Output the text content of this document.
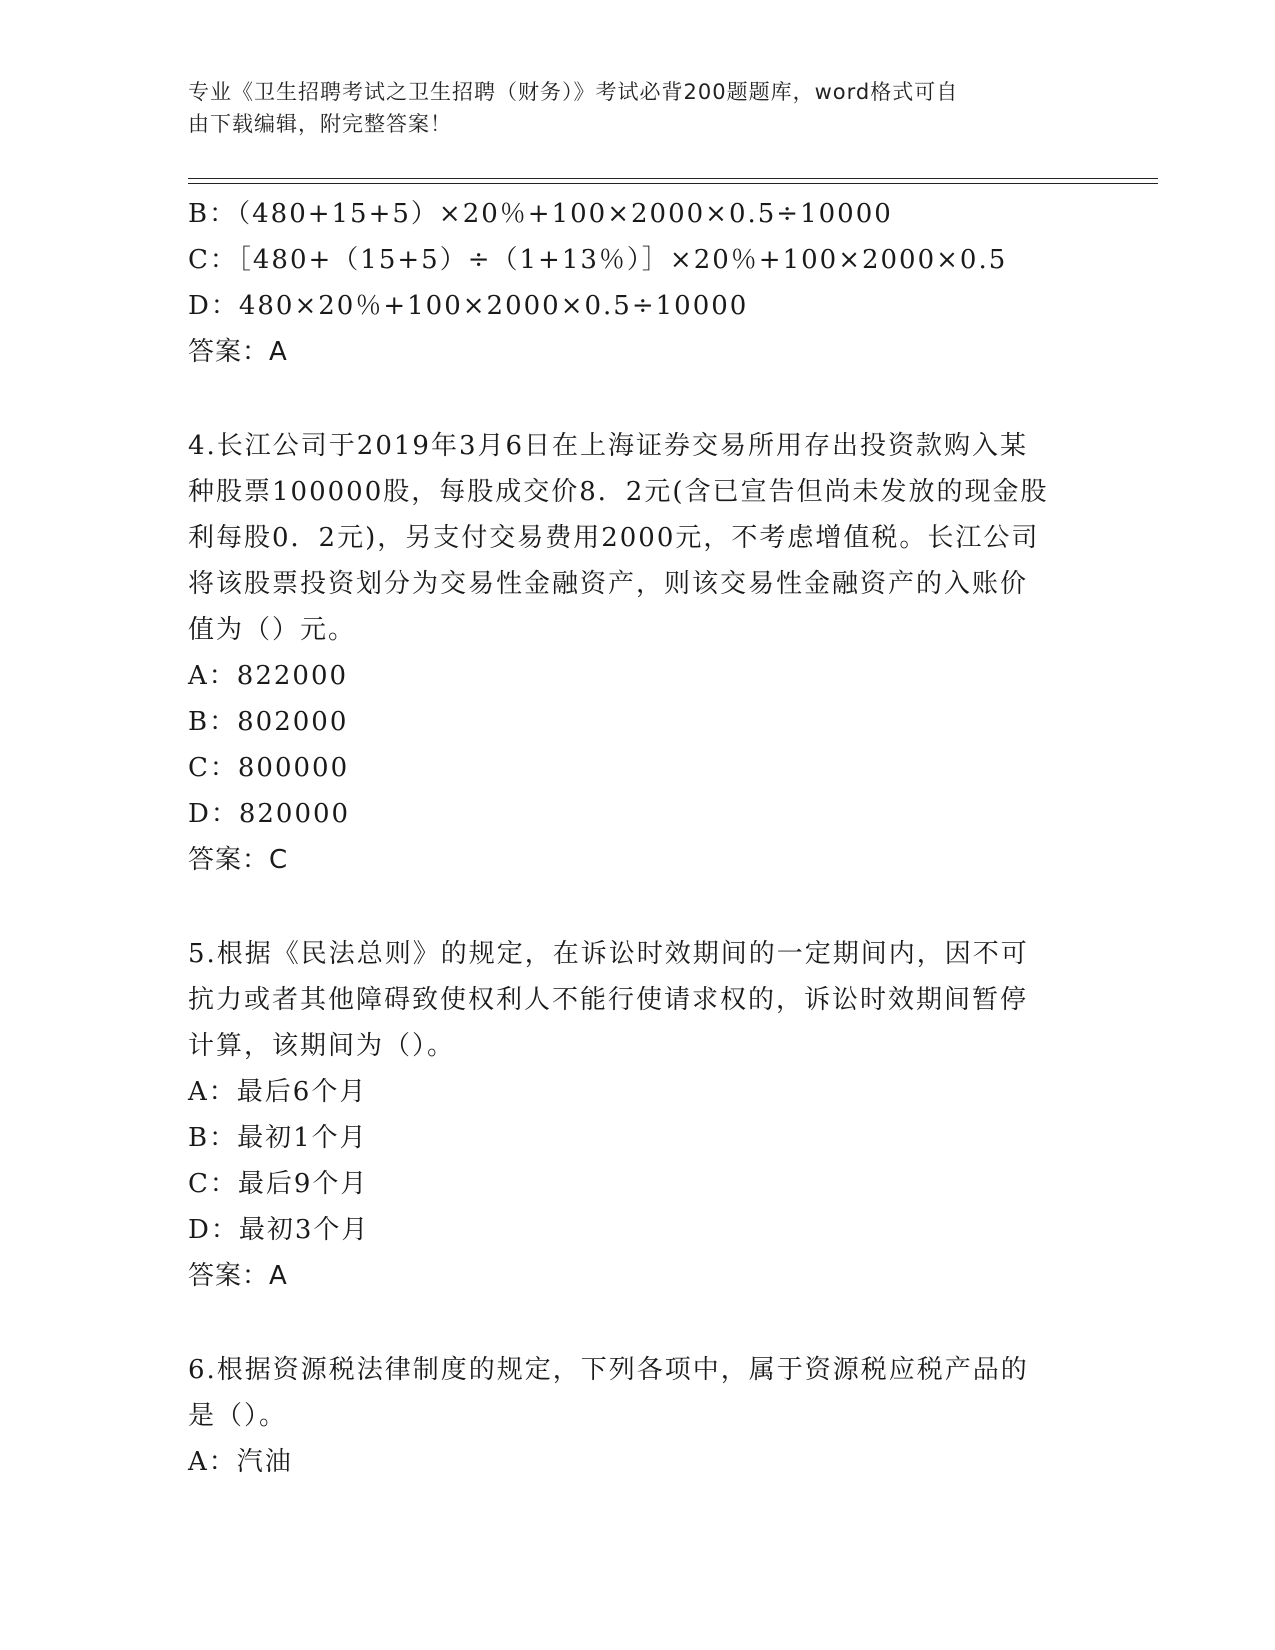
专业《卫生招聘考试之卫生招聘（财务）》考试必背200题题库，word格式可自
由下载编辑，附完整答案！
B：（480+15+5）×20％+100×2000×0.5÷10000
C：［480+（15+5）÷（1+13％）］×20％+100×2000×0.5
D：480×20％+100×2000×0.5÷10000
答案：A
4.长江公司于2019年3月6日在上海证券交易所用存出投资款购入某
种股票100000股，每股成交价8．2元(含已宣告但尚未发放的现金股
利每股0．2元)，另支付交易费用2000元，不考虑增值税。长江公司
将该股票投资划分为交易性金融资产，则该交易性金融资产的入账价
值为（）元。
A：822000
B：802000
C：800000
D：820000
答案：C
5.根据《民法总则》的规定，在诉讼时效期间的一定期间内，因不可
抗力或者其他障碍致使权利人不能行使请求权的，诉讼时效期间暂停
计算，该期间为（）。
A：最后6个月
B：最初1个月
C：最后9个月
D：最初3个月
答案：A
6.根据资源税法律制度的规定，下列各项中，属于资源税应税产品的
是（）。
A：汽油
